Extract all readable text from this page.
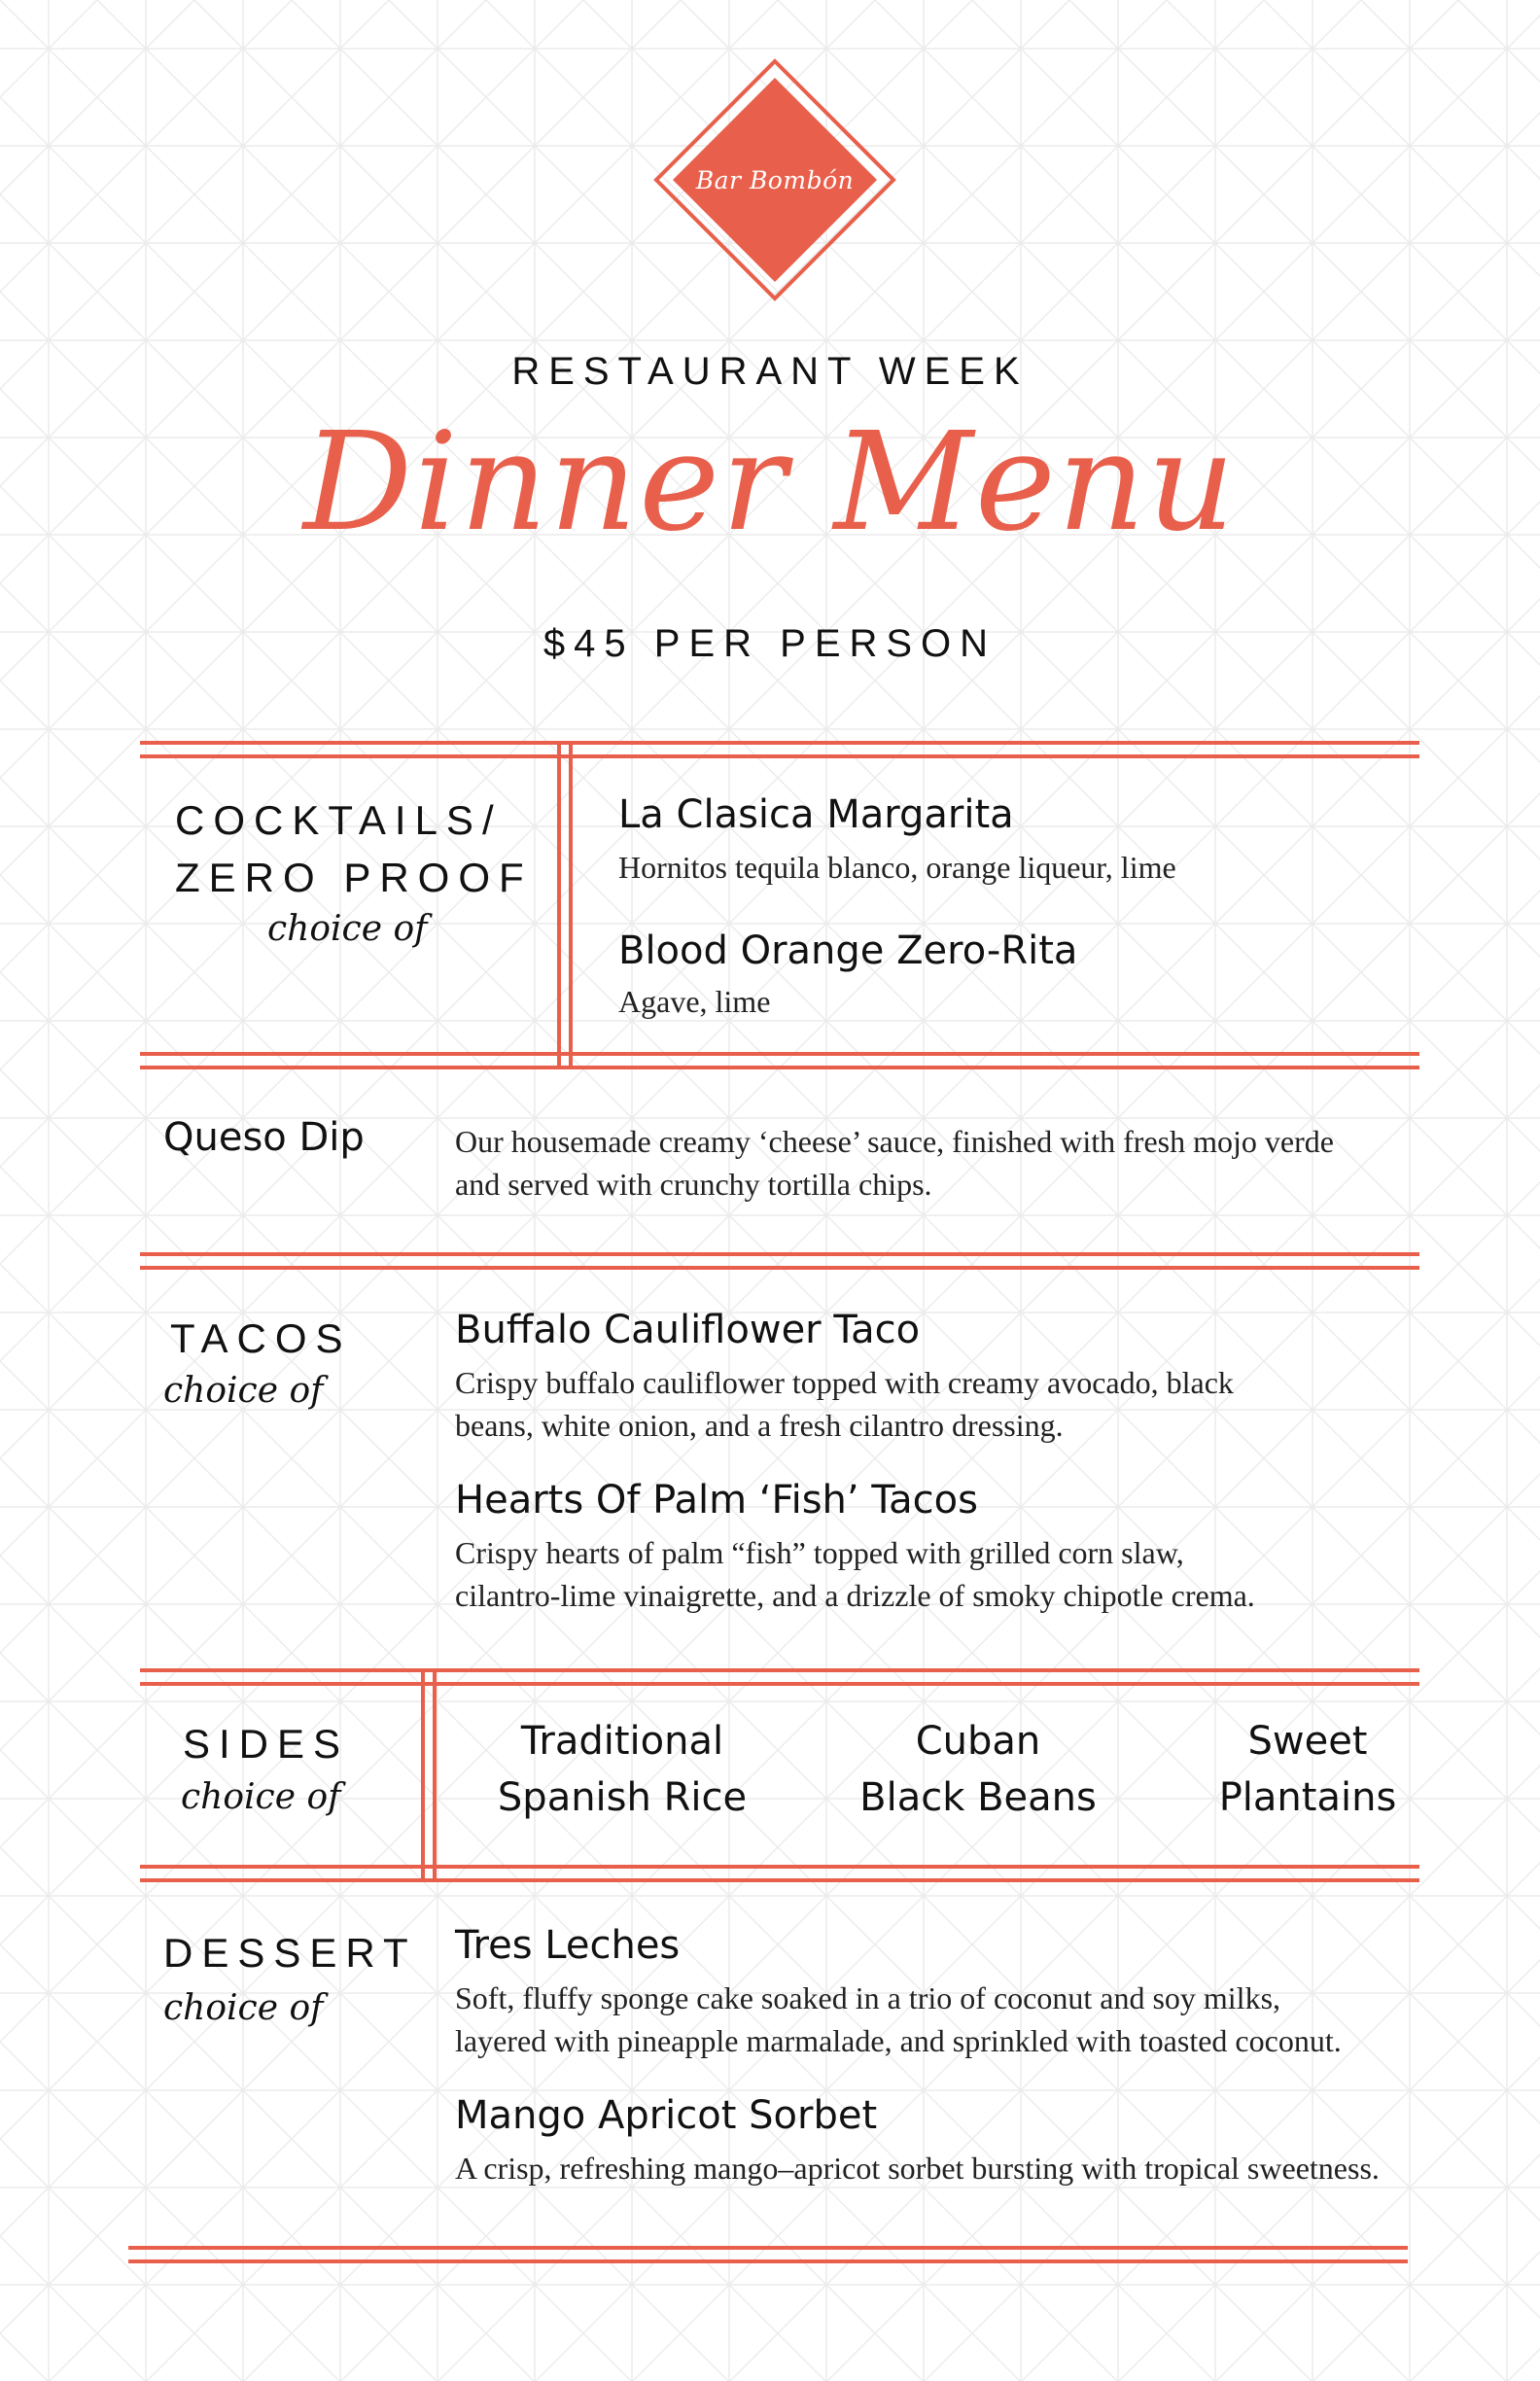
Bar Bombón
RESTAURANT WEEK
Dinner Menu
$45 PER PERSON
COCKTAILS/
ZERO PROOF
choice of
La Clasica Margarita
Hornitos tequila blanco, orange liqueur, lime
Blood Orange Zero-Rita
Agave, lime
Queso Dip	Our housemade creamy ‘cheese’ sauce, finished with fresh mojo verde
and served with crunchy tortilla chips.
TACOS
choice of
Buffalo Cauliflower Taco
Crispy buffalo cauliflower topped with creamy avocado, black
beans, white onion, and a fresh cilantro dressing.
Hearts Of Palm ‘Fish’ Tacos
Crispy hearts of palm “fish” topped with grilled corn slaw,
cilantro-lime vinaigrette, and a drizzle of smoky chipotle crema.
SIDES
choice of
Traditional
Spanish Rice
Cuban
Black Beans
Sweet
Plantains
DESSERT
choice of
Tres Leches
Soft, fluffy sponge cake soaked in a trio of coconut and soy milks,
layered with pineapple marmalade, and sprinkled with toasted coconut.
Mango Apricot Sorbet
A crisp, refreshing mango–apricot sorbet bursting with tropical sweetness.
